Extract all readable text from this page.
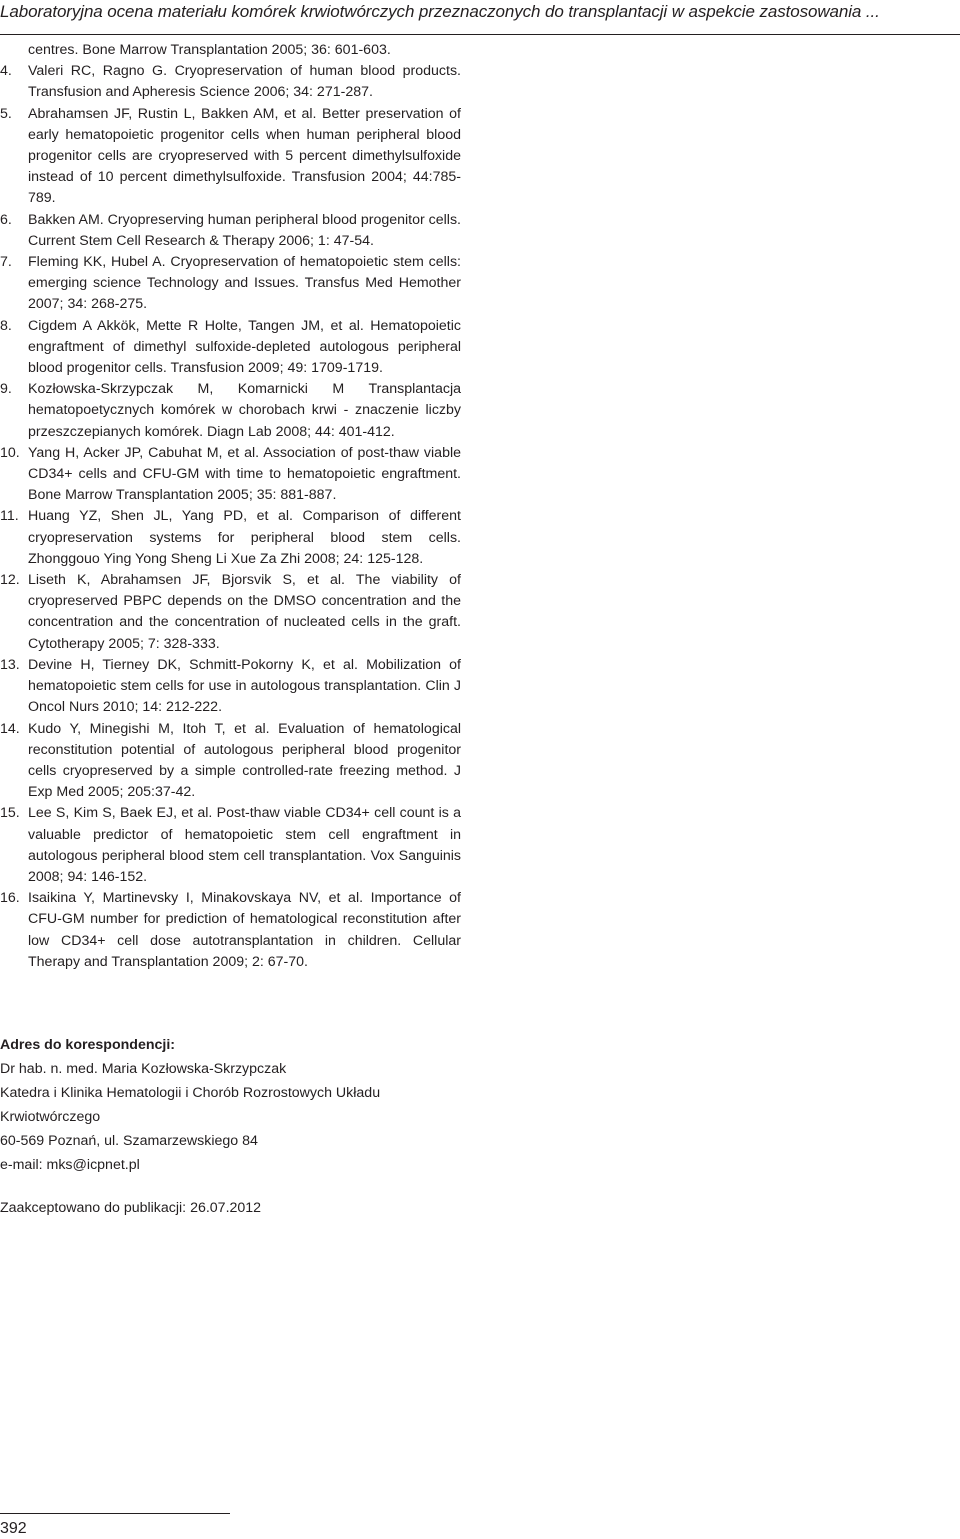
Laboratoryjna ocena materiału komórek krwiotwórczych przeznaczonych do transplantacji w aspekcie zastosowania ...
centres. Bone Marrow Transplantation 2005; 36: 601-603.
4. Valeri RC, Ragno G. Cryopreservation of human blood products. Transfusion and Apheresis Science 2006; 34: 271-287.
5. Abrahamsen JF, Rustin L, Bakken AM, et al. Better preservation of early hematopoietic progenitor cells when human peripheral blood progenitor cells are cryopreserved with 5 percent dimethylsulfoxide instead of 10 percent dimethylsulfoxide. Transfusion 2004; 44:785-789.
6. Bakken AM. Cryopreserving human peripheral blood progenitor cells. Current Stem Cell Research & Therapy 2006; 1: 47-54.
7. Fleming KK, Hubel A. Cryopreservation of hematopoietic stem cells: emerging science Technology and Issues. Transfus Med Hemother 2007; 34: 268-275.
8. Cigdem A Akkök, Mette R Holte, Tangen JM, et al. Hematopoietic engraftment of dimethyl sulfoxide-depleted autologous peripheral blood progenitor cells. Transfusion 2009; 49: 1709-1719.
9. Kozłowska-Skrzypczak M, Komarnicki M Transplantacja hematopoetycznych komórek w chorobach krwi - znaczenie liczby przeszczepianych komórek. Diagn Lab 2008; 44: 401-412.
10. Yang H, Acker JP, Cabuhat M, et al. Association of post-thaw viable CD34+ cells and CFU-GM with time to hematopoietic engraftment. Bone Marrow Transplantation 2005; 35: 881-887.
11. Huang YZ, Shen JL, Yang PD, et al. Comparison of different cryopreservation systems for peripheral blood stem cells. Zhonggouo Ying Yong Sheng Li Xue Za Zhi 2008; 24: 125-128.
12. Liseth K, Abrahamsen JF, Bjorsvik S, et al. The viability of cryopreserved PBPC depends on the DMSO concentration and the concentration and the concentration of nucleated cells in the graft. Cytotherapy 2005; 7: 328-333.
13. Devine H, Tierney DK, Schmitt-Pokorny K, et al. Mobilization of hematopoietic stem cells for use in autologous transplantation. Clin J Oncol Nurs 2010; 14: 212-222.
14. Kudo Y, Minegishi M, Itoh T, et al. Evaluation of hematological reconstitution potential of autologous peripheral blood progenitor cells cryopreserved by a simple controlled-rate freezing method. J Exp Med 2005; 205:37-42.
15. Lee S, Kim S, Baek EJ, et al. Post-thaw viable CD34+ cell count is a valuable predictor of hematopoietic stem cell engraftment in autologous peripheral blood stem cell transplantation. Vox Sanguinis 2008; 94: 146-152.
16. Isaikina Y, Martinevsky I, Minakovskaya NV, et al. Importance of CFU-GM number for prediction of hematological reconstitution after low CD34+ cell dose autotransplantation in children. Cellular Therapy and Transplantation 2009; 2: 67-70.
Adres do korespondencji:
Dr hab. n. med. Maria Kozłowska-Skrzypczak
Katedra i Klinika Hematologii i Chorób Rozrostowych Układu Krwiotwórczego
60-569 Poznań, ul. Szamarzewskiego 84
e-mail: mks@icpnet.pl
Zaakceptowano do publikacji: 26.07.2012
392
